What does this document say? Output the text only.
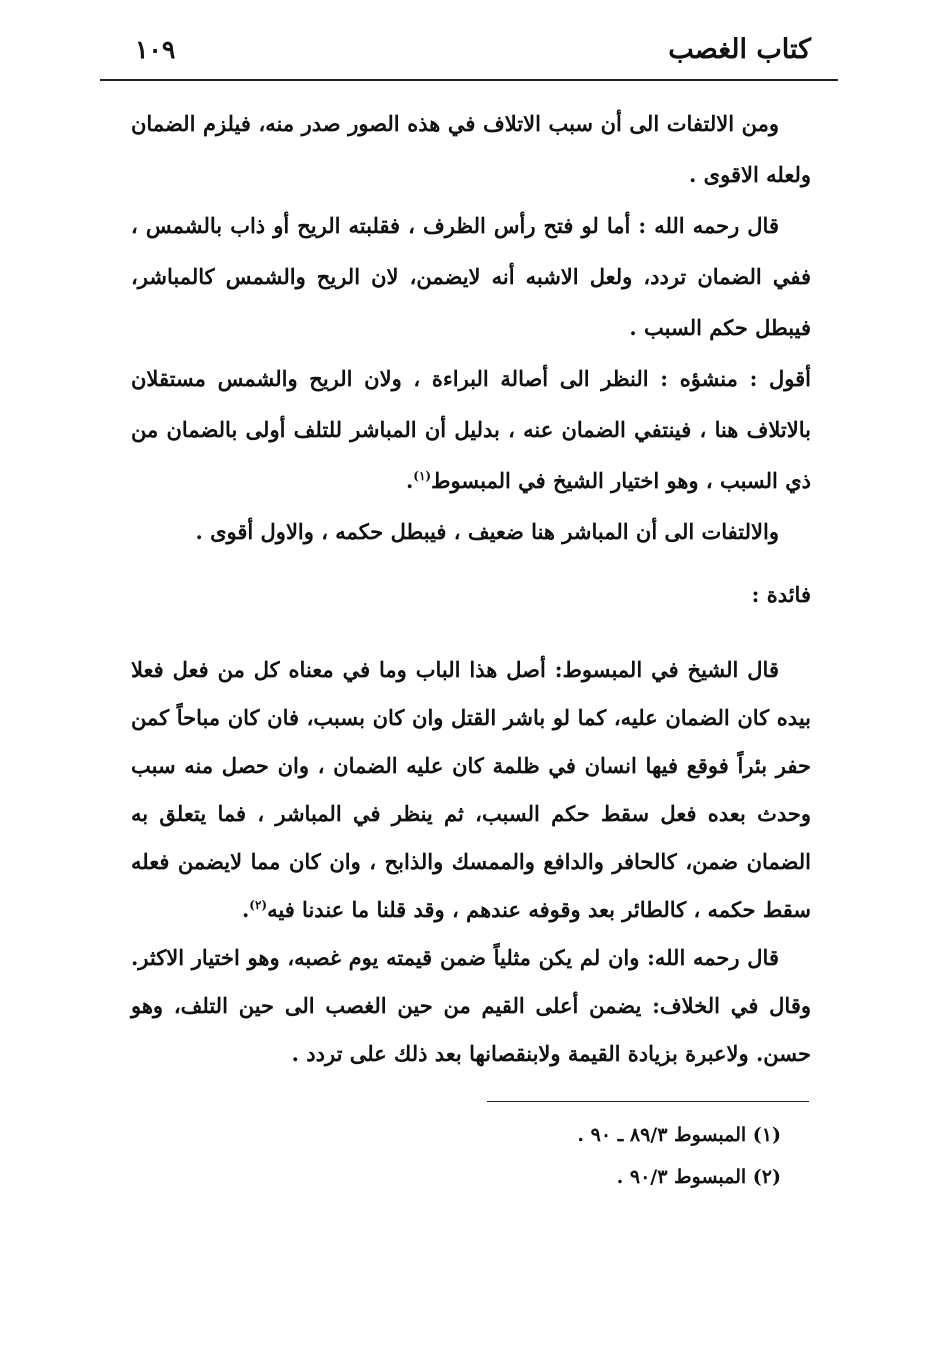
كتاب الغصب
١٠٩

ومن الالتفات الى أن سبب الاتلاف في هذه الصور صدر منه، فيلزم الضمان ولعله الاقوى .

قال رحمه الله : أما لو فتح رأس الظرف ، فقلبته الريح أو ذاب بالشمس ، ففي الضمان تردد، ولعل الاشبه أنه لايضمن، لان الريح والشمس كالمباشر، فيبطل حكم السبب .

أقول : منشؤه : النظر الى أصالة البراءة ، ولان الريح والشمس مستقلان بالاتلاف هنا ، فينتفي الضمان عنه ، بدليل أن المباشر للتلف أولى بالضمان من ذي السبب ، وهو اختيار الشيخ في المبسوط$^{(١)}$.

والالتفات الى أن المباشر هنا ضعيف ، فيبطل حكمه ، والاول أقوى .

فائدة :

قال الشيخ في المبسوط: أصل هذا الباب وما في معناه كل من فعل فعلا بيده كان الضمان عليه، كما لو باشر القتل وان كان بسبب، فان كان مباحاً كمن حفر بئراً فوقع فيها انسان في ظلمة كان عليه الضمان ، وان حصل منه سبب وحدث بعده فعل سقط حكم السبب، ثم ينظر في المباشر ، فما يتعلق به الضمان ضمن، كالحافر والدافع والممسك والذابح ، وان كان مما لايضمن فعله سقط حكمه ، كالطائر بعد وقوفه عندهم ، وقد قلنا ما عندنا فيه$^{(٢)}$.

قال رحمه الله: وان لم يكن مثلياً ضمن قيمته يوم غصبه، وهو اختيار الاكثر. وقال في الخلاف: يضمن أعلى القيم من حين الغصب الى حين التلف، وهو حسن. ولاعبرة بزيادة القيمة ولابنقصانها بعد ذلك على تردد .

(١) المبسوط ٨٩/٣ ـ ٩٠ .

(٢) المبسوط ٩٠/٣ .
